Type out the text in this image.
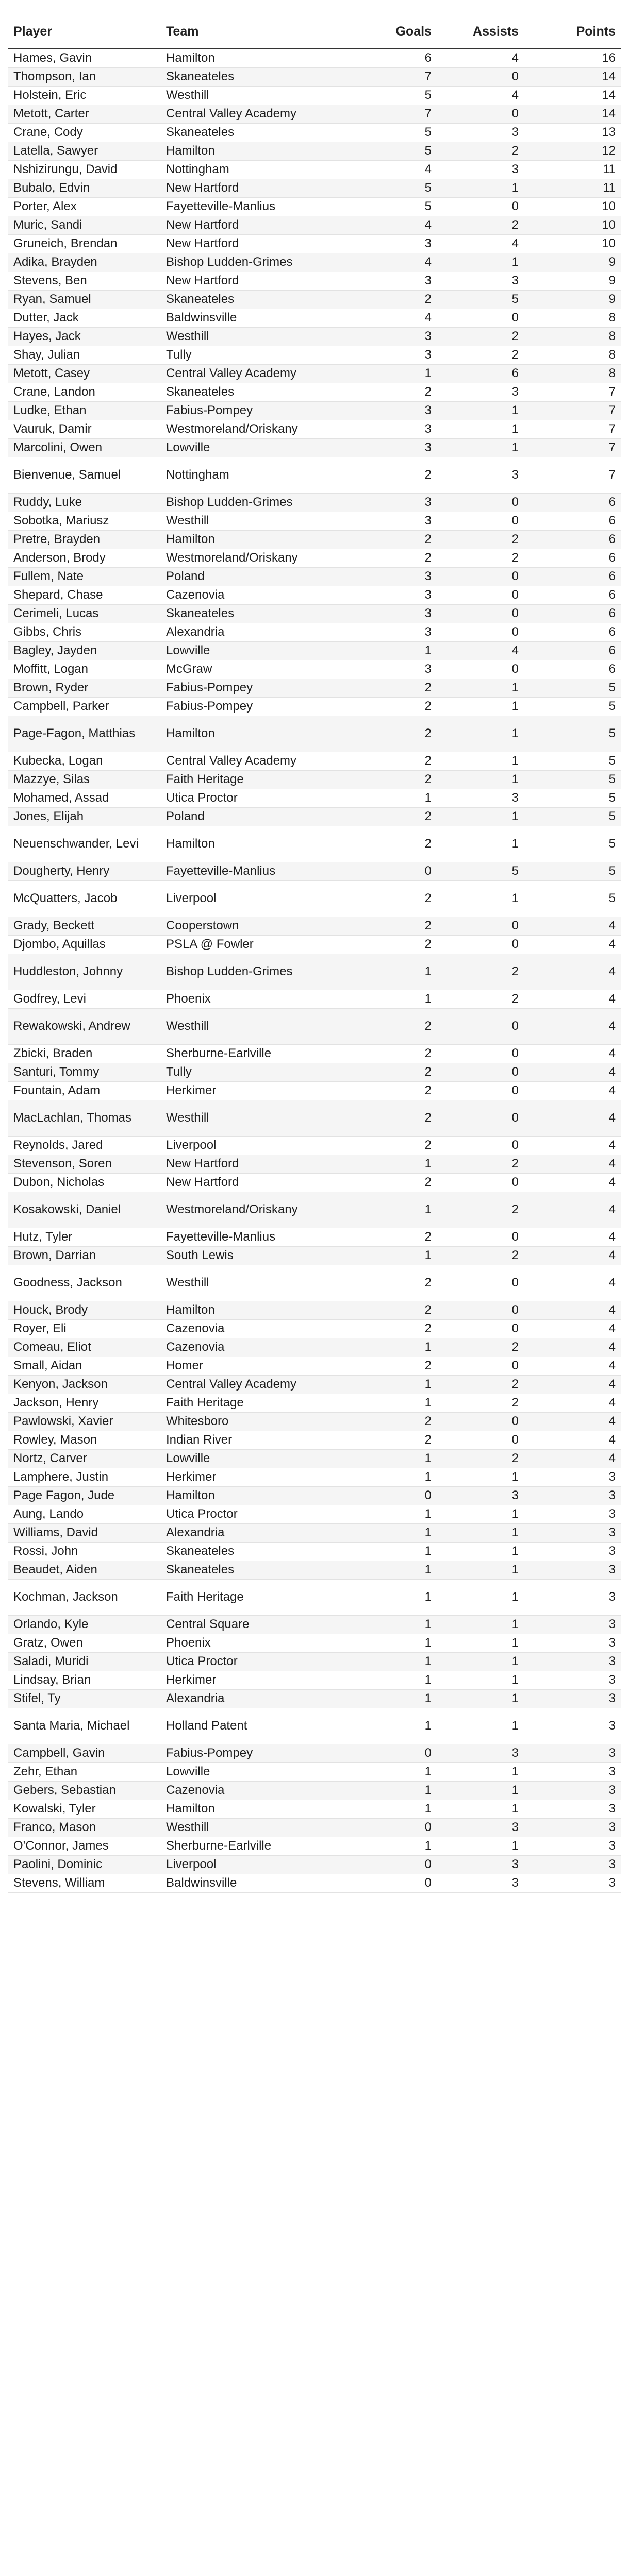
Player	Team	Goals	Assists	Points
Hames, Gavin	Hamilton	6	4	16
Thompson, Ian	Skaneateles	7	0	14
Holstein, Eric	Westhill	5	4	14
Metott, Carter	Central Valley Academy	7	0	14
Crane, Cody	Skaneateles	5	3	13
Latella, Sawyer	Hamilton	5	2	12
Nshizirungu, David	Nottingham	4	3	11
Bubalo, Edvin	New Hartford	5	1	11
Porter, Alex	Fayetteville-Manlius	5	0	10
Muric, Sandi	New Hartford	4	2	10
Gruneich, Brendan	New Hartford	3	4	10
Adika, Brayden	Bishop Ludden-Grimes	4	1	9
Stevens, Ben	New Hartford	3	3	9
Ryan, Samuel	Skaneateles	2	5	9
Dutter, Jack	Baldwinsville	4	0	8
Hayes, Jack	Westhill	3	2	8
Shay, Julian	Tully	3	2	8
Metott, Casey	Central Valley Academy	1	6	8
Crane, Landon	Skaneateles	2	3	7
Ludke, Ethan	Fabius-Pompey	3	1	7
Vauruk, Damir	Westmoreland/Oriskany	3	1	7
Marcolini, Owen	Lowville	3	1	7
Bienvenue, Samuel	Nottingham	2	3	7
Ruddy, Luke	Bishop Ludden-Grimes	3	0	6
Sobotka, Mariusz	Westhill	3	0	6
Pretre, Brayden	Hamilton	2	2	6
Anderson, Brody	Westmoreland/Oriskany	2	2	6
Fullem, Nate	Poland	3	0	6
Shepard, Chase	Cazenovia	3	0	6
Cerimeli, Lucas	Skaneateles	3	0	6
Gibbs, Chris	Alexandria	3	0	6
Bagley, Jayden	Lowville	1	4	6
Moffitt, Logan	McGraw	3	0	6
Brown, Ryder	Fabius-Pompey	2	1	5
Campbell, Parker	Fabius-Pompey	2	1	5
Page-Fagon, Matthias	Hamilton	2	1	5
Kubecka, Logan	Central Valley Academy	2	1	5
Mazzye, Silas	Faith Heritage	2	1	5
Mohamed, Assad	Utica Proctor	1	3	5
Jones, Elijah	Poland	2	1	5
Neuenschwander, Levi	Hamilton	2	1	5
Dougherty, Henry	Fayetteville-Manlius	0	5	5
McQuatters, Jacob	Liverpool	2	1	5
Grady, Beckett	Cooperstown	2	0	4
Djombo, Aquillas	PSLA @ Fowler	2	0	4
Huddleston, Johnny	Bishop Ludden-Grimes	1	2	4
Godfrey, Levi	Phoenix	1	2	4
Rewakowski, Andrew	Westhill	2	0	4
Zbicki, Braden	Sherburne-Earlville	2	0	4
Santuri, Tommy	Tully	2	0	4
Fountain, Adam	Herkimer	2	0	4
MacLachlan, Thomas	Westhill	2	0	4
Reynolds, Jared	Liverpool	2	0	4
Stevenson, Soren	New Hartford	1	2	4
Dubon, Nicholas	New Hartford	2	0	4
Kosakowski, Daniel	Westmoreland/Oriskany	1	2	4
Hutz, Tyler	Fayetteville-Manlius	2	0	4
Brown, Darrian	South Lewis	1	2	4
Goodness, Jackson	Westhill	2	0	4
Houck, Brody	Hamilton	2	0	4
Royer, Eli	Cazenovia	2	0	4
Comeau, Eliot	Cazenovia	1	2	4
Small, Aidan	Homer	2	0	4
Kenyon, Jackson	Central Valley Academy	1	2	4
Jackson, Henry	Faith Heritage	1	2	4
Pawlowski, Xavier	Whitesboro	2	0	4
Rowley, Mason	Indian River	2	0	4
Nortz, Carver	Lowville	1	2	4
Lamphere, Justin	Herkimer	1	1	3
Page Fagon, Jude	Hamilton	0	3	3
Aung, Lando	Utica Proctor	1	1	3
Williams, David	Alexandria	1	1	3
Rossi, John	Skaneateles	1	1	3
Beaudet, Aiden	Skaneateles	1	1	3
Kochman, Jackson	Faith Heritage	1	1	3
Orlando, Kyle	Central Square	1	1	3
Gratz, Owen	Phoenix	1	1	3
Saladi, Muridi	Utica Proctor	1	1	3
Lindsay, Brian	Herkimer	1	1	3
Stifel, Ty	Alexandria	1	1	3
Santa Maria, Michael	Holland Patent	1	1	3
Campbell, Gavin	Fabius-Pompey	0	3	3
Zehr, Ethan	Lowville	1	1	3
Gebers, Sebastian	Cazenovia	1	1	3
Kowalski, Tyler	Hamilton	1	1	3
Franco, Mason	Westhill	0	3	3
O'Connor, James	Sherburne-Earlville	1	1	3
Paolini, Dominic	Liverpool	0	3	3
Stevens, William	Baldwinsville	0	3	3
